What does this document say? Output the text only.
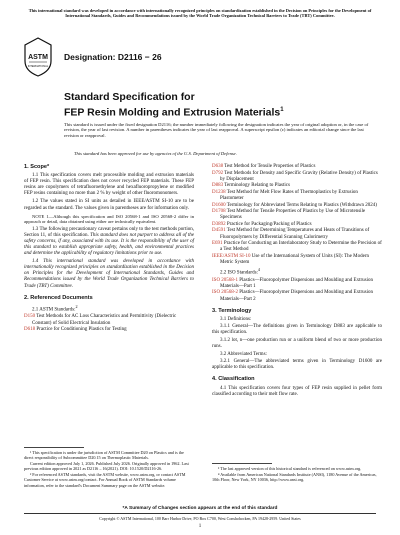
This international standard was developed in accordance with internationally recognized principles on standardization established in the Decision on Principles for the Development of International Standards, Guides and Recommendations issued by the World Trade Organization Technical Barriers to Trade (TBT) Committee.
ASTM
INTERNATIONAL
Designation: D2116 − 26
Standard Specification for
FEP Resin Molding and Extrusion Materials$^1$
This standard is issued under the fixed designation D2116; the number immediately following the designation indicates the year of original adoption or, in the case of revision, the year of last revision. A number in parentheses indicates the year of last reapproval. A superscript epsilon (ε) indicates an editorial change since the last revision or reapproval.
This standard has been approved for use by agencies of the U.S. Department of Defense.
1. Scope*

1.1 This specification covers melt processible molding and extrusion materials of FEP resin. This specification does not cover recycled FEP materials. These FEP resins are copolymers of tetrafluoroethylene and hexafluoropropylene or modified FEP resins containing no more than 2 % by weight of other fluoromonomers.

1.2 The values stated in SI units as detailed in IEEE/ASTM SI-10 are to be regarded as the standard. The values given in parentheses are for information only.

NOTE 1—Although this specification and ISO 20568-1 and ISO 20568-2 differ in approach or detail, data obtained using either are technically equivalent.

1.3 The following precautionary caveat pertains only to the test methods portion, Section 11, of this specification. This standard does not purport to address all of the safety concerns, if any, associated with its use. It is the responsibility of the user of this standard to establish appropriate safety, health, and environmental practices and determine the applicability of regulatory limitations prior to use.

1.4 This international standard was developed in accordance with internationally recognized principles on standardization established in the Decision on Principles for the Development of International Standards, Guides and Recommendations issued by the World Trade Organization Technical Barriers to Trade (TBT) Committee.

2. Referenced Documents

2.1 ASTM Standards:$^2$

D150 Test Methods for AC Loss Characteristics and Permittivity (Dielectric Constant) of Solid Electrical Insulation

D618 Practice for Conditioning Plastics for Testing

D638 Test Method for Tensile Properties of Plastics

D792 Test Methods for Density and Specific Gravity (Relative Density) of Plastics by Displacement

D883 Terminology Relating to Plastics

D1238 Test Method for Melt Flow Rates of Thermoplastics by Extrusion Plastometer

D1600 Terminology for Abbreviated Terms Relating to Plastics (Withdrawn 2024)

D1708 Test Method for Tensile Properties of Plastics by Use of Microtensile Specimens

D3892 Practice for Packaging/Packing of Plastics

D4591 Test Method for Determining Temperatures and Heats of Transitions of Fluoropolymers by Differential Scanning Calorimetry

E691 Practice for Conducting an Interlaboratory Study to Determine the Precision of a Test Method

IEEE/ASTM SI-10 Use of the International System of Units (SI): The Modern Metric System

2.2 ISO Standards:$^4$

ISO 20568-1 Plastics—Fluoropolymer Dispersions and Moulding and Extrusion Materials—Part 1

ISO 20568-2 Plastics—Fluoropolymer Dispersions and Moulding and Extrusion Materials—Part 2

3. Terminology

3.1 Definitions:

3.1.1 General—The definitions given in Terminology D883 are applicable to this specification.

3.1.2 lot, n—one production run or a uniform blend of two or more production runs.

3.2 Abbreviated Terms:

3.2.1 General—The abbreviated terms given in Terminology D1600 are applicable to this specification.

4. Classification

4.1 This specification covers four types of FEP resin supplied in pellet form classified according to their melt flow rate.

¹ This specification is under the jurisdiction of ASTM Committee D20 on Plastics and is the direct responsibility of Subcommittee D20.15 on Thermoplastic Materials.
Current edition approved July 1, 2026. Published July 2026. Originally approved in 1962. Last previous edition approved in 2021 as D2116 – 16(2021). DOI: 10.1520/D2116-26.
² For referenced ASTM standards, visit the ASTM website, www.astm.org, or contact ASTM Customer Service at www.astm.org/contact. For Annual Book of ASTM Standards volume information, refer to the standard's Document Summary page on the ASTM website.
³ The last approved version of this historical standard is referenced on www.astm.org.
⁴ Available from American National Standards Institute (ANSI), 1180 Avenue of the Americas, 10th Floor, New York, NY 10036, http://www.ansi.org.
*A Summary of Changes section appears at the end of this standard
Copyright © ASTM International, 100 Barr Harbor Drive, PO Box C700, West Conshohocken, PA 19428-2959. United States
1
